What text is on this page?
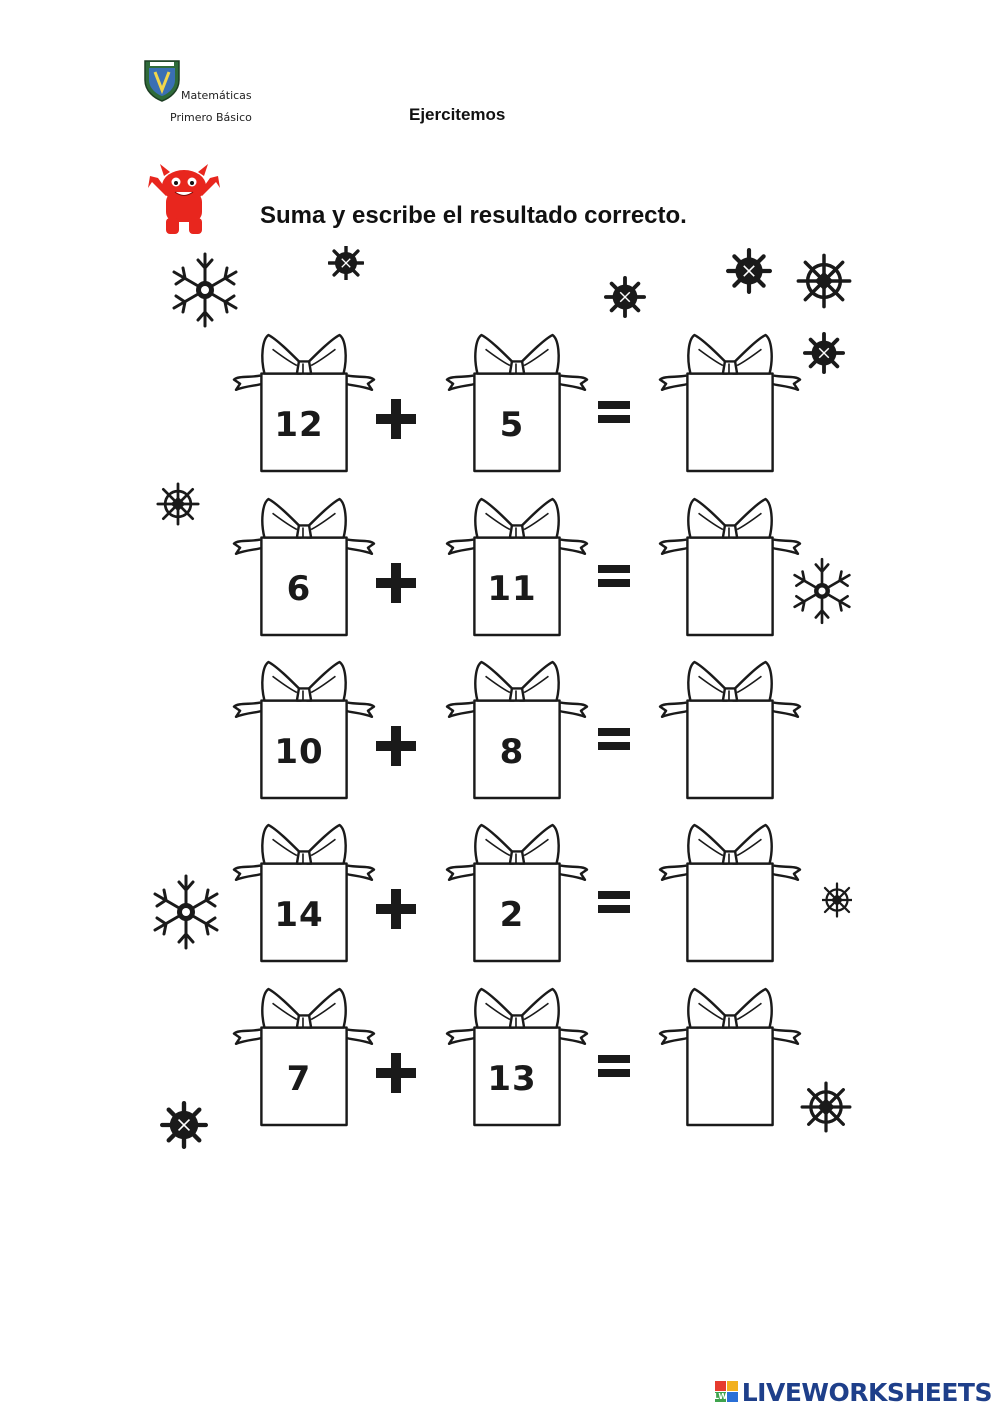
Matemáticas
Primero Básico	Ejercitemos
Suma y escribe el resultado correcto.
12	5
6	11
10	8
14	2
7	13
LW LIVEWORKSHEETS
